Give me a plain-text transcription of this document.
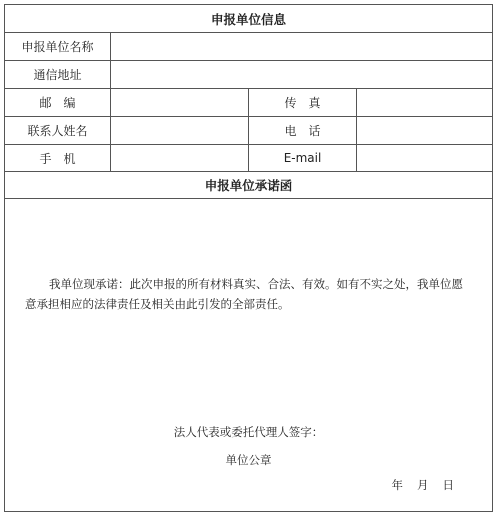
申报单位信息
申报单位名称
通信地址
邮　编	传　真
联系人姓名	电　话
手　机	E-mail
申报单位承诺函
我单位现承诺：此次申报的所有材料真实、合法、有效。如有不实之处，我单位愿意承担相应的法律责任及相关由此引发的全部责任。
法人代表或委托代理人签字：
单位公章
年 月 日
